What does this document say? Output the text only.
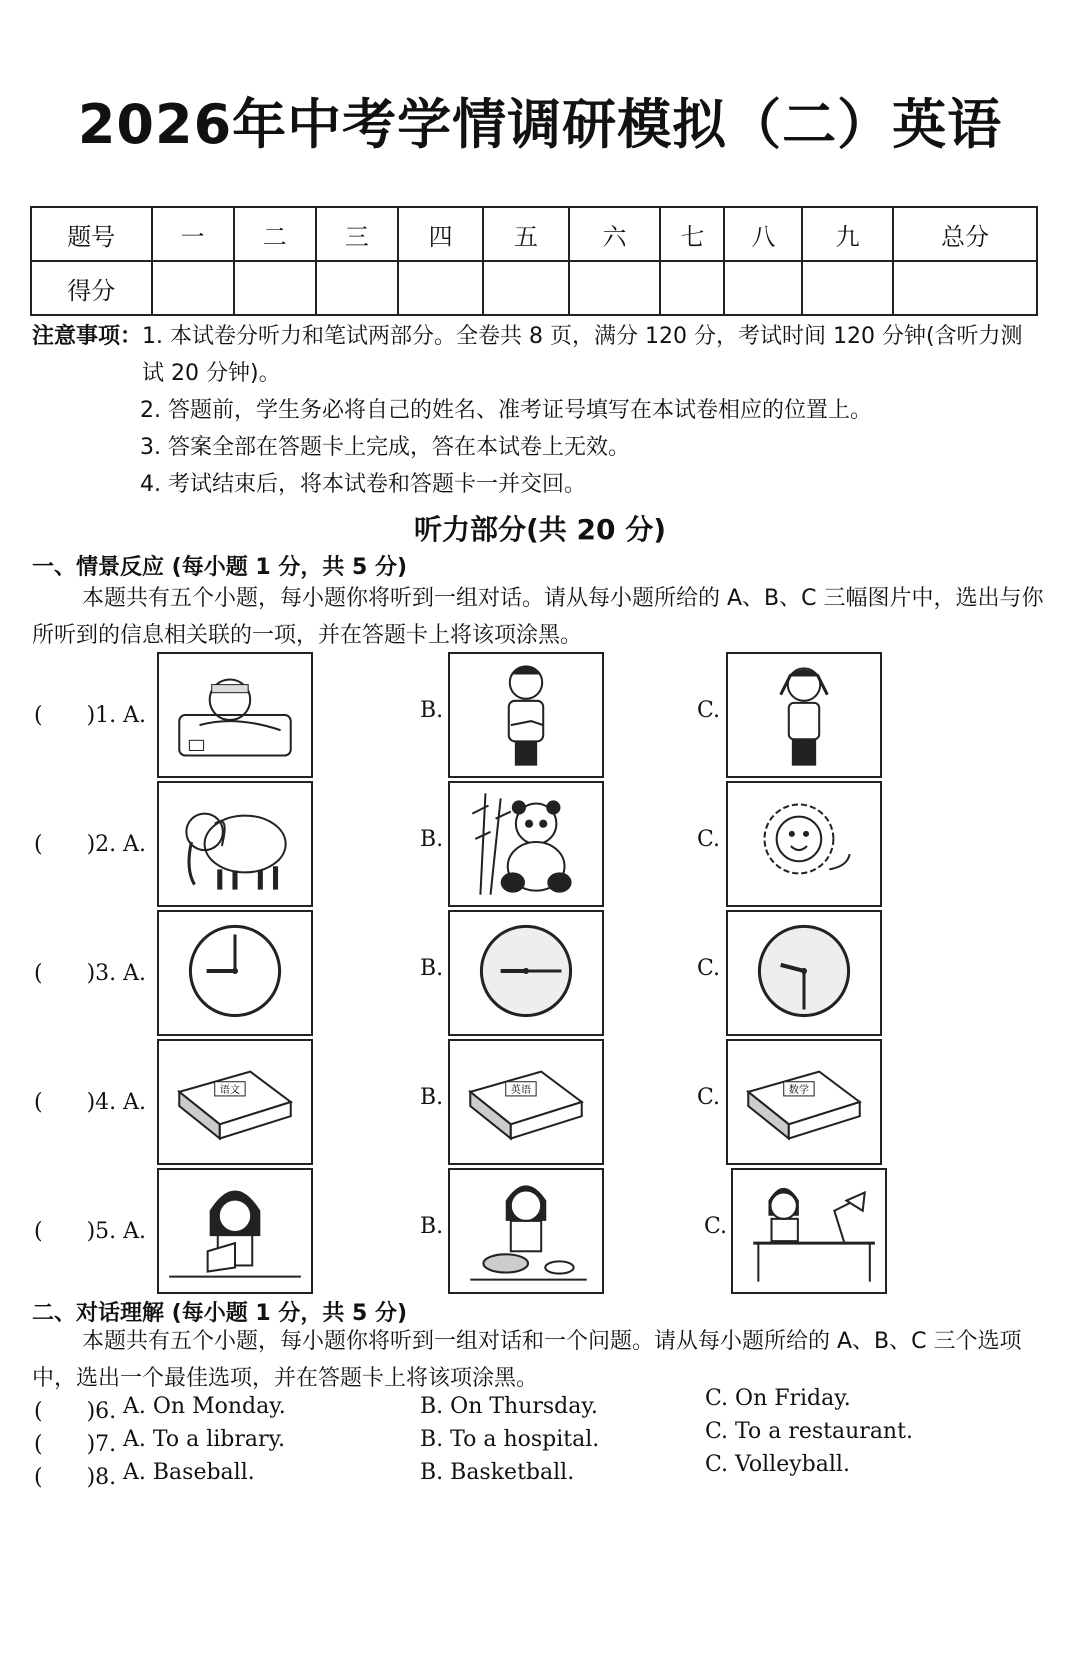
2026年中考学情调研模拟（二）英语
题号	一	二	三	四	五	六	七	八	九	总分
得分										
注意事项： 1. 本试卷分听力和笔试两部分。全卷共 8 页，满分 120 分，考试时间 120 分钟(含听力测试 20 分钟)。
2. 答题前，学生务必将自己的姓名、准考证号填写在本试卷相应的位置上。
3. 答案全部在答题卡上完成，答在本试卷上无效。
4. 考试结束后，将本试卷和答题卡一并交回。
听力部分(共 20 分)
一、情景反应 (每小题 1 分，共 5 分)
本题共有五个小题，每小题你将听到一组对话。请从每小题所给的 A、B、C 三幅图片中，选出与你所听到的信息相关联的一项，并在答题卡上将该项涂黑。
(　　)1. A.	B.	C.
(　　)2. A.	B.	C.
(　　)3. A.	B.	C.
(　　)4. A.	语文	B.	英语	C.	数学
(　　)5. A.	B.	C.
二、对话理解 (每小题 1 分，共 5 分)
本题共有五个小题，每小题你将听到一组对话和一个问题。请从每小题所给的 A、B、C 三个选项中，选出一个最佳选项，并在答题卡上将该项涂黑。
(　　)6. A. On Monday.	B. On Thursday.	C. On Friday.
(　　)7. A. To a library.	B. To a hospital.	C. To a restaurant.
(　　)8. A. Baseball.	B. Basketball.	C. Volleyball.
